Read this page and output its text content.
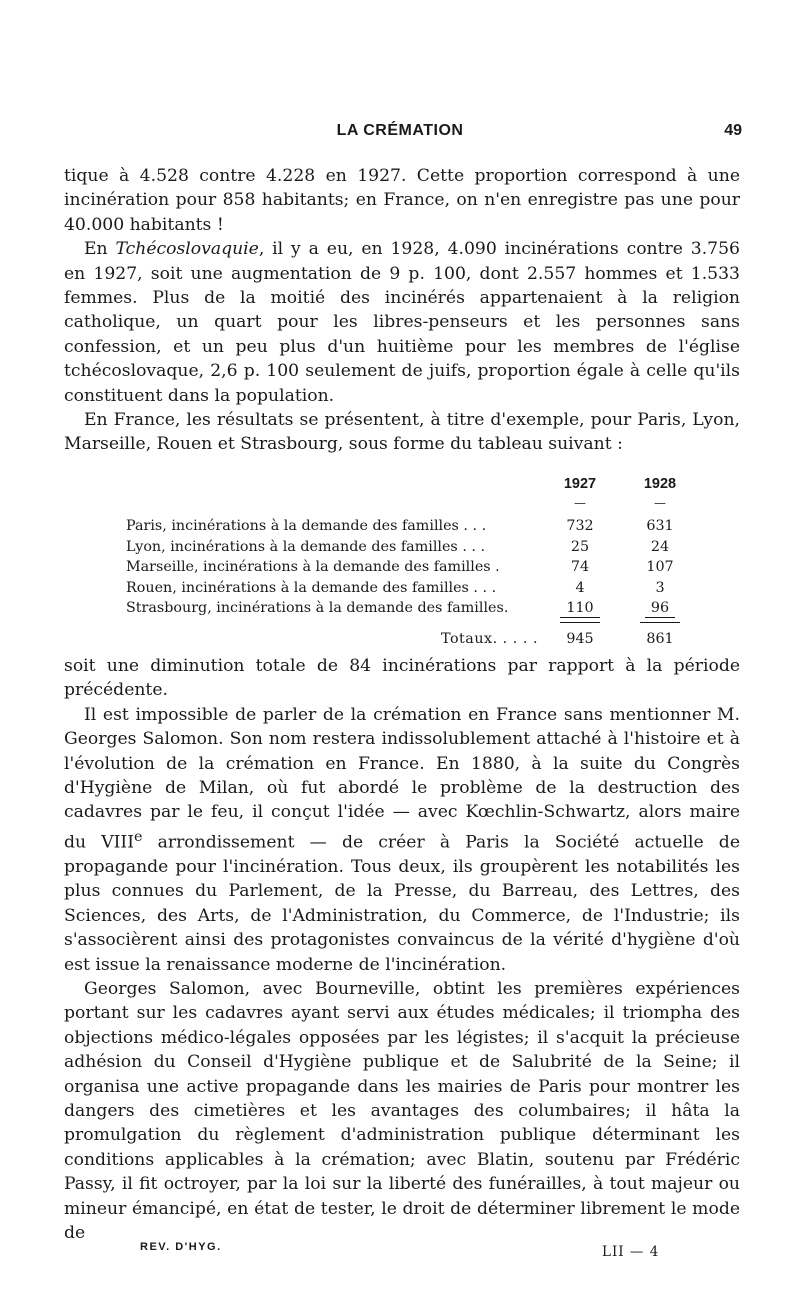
LA CRÉMATION	49

tique à 4.528 contre 4.228 en 1927. Cette proportion correspond à une incinération pour 858 habitants; en France, on n'en enregistre pas une pour 40.000 habitants !

En Tchécoslovaquie, il y a eu, en 1928, 4.090 incinérations contre 3.756 en 1927, soit une augmentation de 9 p. 100, dont 2.557 hommes et 1.533 femmes. Plus de la moitié des incinérés appartenaient à la religion catholique, un quart pour les libres-penseurs et les personnes sans confession, et un peu plus d'un huitième pour les membres de l'église tchécoslovaque, 2,6 p. 100 seulement de juifs, proportion égale à celle qu'ils constituent dans la population.

En France, les résultats se présentent, à titre d'exemple, pour Paris, Lyon, Marseille, Rouen et Strasbourg, sous forme du tableau suivant :

1927	1928
—	—
Paris, incinérations à la demande des familles . . .	732	631
Lyon, incinérations à la demande des familles . . .	25	24
Marseille, incinérations à la demande des familles .	74	107
Rouen, incinérations à la demande des familles . . .	4	3
Strasbourg, incinérations à la demande des familles.	110	96
Totaux. . . . .	945	861

soit une diminution totale de 84 incinérations par rapport à la période précédente.

Il est impossible de parler de la crémation en France sans mentionner M. Georges Salomon. Son nom restera indissolublement attaché à l'histoire et à l'évolution de la crémation en France. En 1880, à la suite du Congrès d'Hygiène de Milan, où fut abordé le problème de la destruction des cadavres par le feu, il conçut l'idée — avec Kœchlin-Schwartz, alors maire du VIIIe arrondissement — de créer à Paris la Société actuelle de propagande pour l'incinération. Tous deux, ils groupèrent les notabilités les plus connues du Parlement, de la Presse, du Barreau, des Lettres, des Sciences, des Arts, de l'Administration, du Commerce, de l'Industrie; ils s'associèrent ainsi des protagonistes convaincus de la vérité d'hygiène d'où est issue la renaissance moderne de l'incinération.

Georges Salomon, avec Bourneville, obtint les premières expériences portant sur les cadavres ayant servi aux études médicales; il triompha des objections médico-légales opposées par les légistes; il s'acquit la précieuse adhésion du Conseil d'Hygiène publique et de Salubrité de la Seine; il organisa une active propagande dans les mairies de Paris pour montrer les dangers des cimetières et les avantages des columbaires; il hâta la promulgation du règlement d'administration publique déterminant les conditions applicables à la crémation; avec Blatin, soutenu par Frédéric Passy, il fit octroyer, par la loi sur la liberté des funérailles, à tout majeur ou mineur émancipé, en état de tester, le droit de déterminer librement le mode de

REV. D'HYG.	LII — 4
